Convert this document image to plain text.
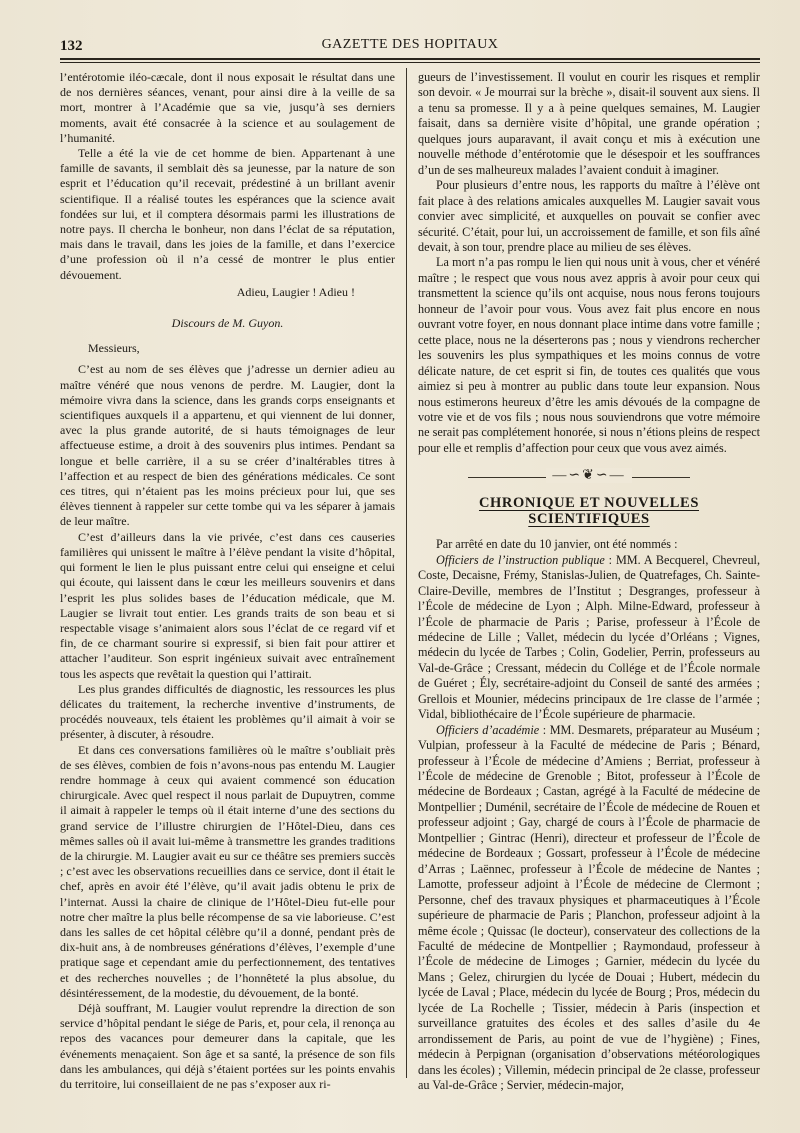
132	GAZETTE DES HOPITAUX

l’entérotomie iléo-cæcale, dont il nous exposait le résultat dans une de nos dernières séances, venant, pour ainsi dire à la veille de sa mort, montrer à l’Académie que sa vie, jusqu’à ses derniers moments, avait été consacrée à la science et au soulagement de l’humanité.

Telle a été la vie de cet homme de bien. Appartenant à une famille de savants, il semblait dès sa jeunesse, par la nature de son esprit et l’éducation qu’il recevait, prédestiné à un brillant avenir scientifique. Il a réalisé toutes les espérances que la science avait fondées sur lui, et il comptera désormais parmi les illustrations de notre pays. Il chercha le bonheur, non dans l’éclat de sa réputation, mais dans le travail, dans les joies de la famille, et dans l’exercice d’une profession où il n’a cessé de montrer le plus entier dévouement.

Adieu, Laugier ! Adieu !

Discours de M. Guyon.

Messieurs,

C’est au nom de ses élèves que j’adresse un dernier adieu au maître vénéré que nous venons de perdre. M. Laugier, dont la mémoire vivra dans la science, dans les grands corps enseignants et scientifiques auxquels il a appartenu, et qui viennent de lui donner, avec la plus grande autorité, de si hauts témoignages de leur affectueuse estime, a droit à des souvenirs plus intimes. Pendant sa longue et belle carrière, il a su se créer d’inaltérables titres à l’affection et au respect de bien des générations médicales. Ce sont ces titres, qui n’étaient pas les moins précieux pour lui, que ses élèves tiennent à rappeler sur cette tombe qui va les séparer à jamais de leur maître.

C’est d’ailleurs dans la vie privée, c’est dans ces causeries familières qui unissent le maître à l’élève pendant la visite d’hôpital, qui forment le lien le plus puissant entre celui qui enseigne et celui qui écoute, qui laissent dans le cœur les meilleurs souvenirs et dans l’esprit les plus solides bases de l’éducation médicale, que M. Laugier se livrait tout entier. Les grands traits de son beau et si respectable visage s’animaient alors sous l’éclat de ce regard vif et fin, de ce charmant sourire si expressif, si bien fait pour attirer et attacher l’auditeur. Son esprit ingénieux suivait avec entraînement tous les aspects que revêtait la question qui l’attirait.

Les plus grandes difficultés de diagnostic, les ressources les plus délicates du traitement, la recherche inventive d’instruments, de procédés nouveaux, tels étaient les problèmes qu’il aimait à voir se présenter, à discuter, à résoudre.

Et dans ces conversations familières où le maître s’oubliait près de ses élèves, combien de fois n’avons-nous pas entendu M. Laugier rendre hommage à ceux qui avaient commencé son éducation chirurgicale. Avec quel respect il nous parlait de Dupuytren, comme il aimait à rappeler le temps où il était interne d’une des sections du grand service de l’illustre chirurgien de l’Hôtel-Dieu, dans ces mêmes salles où il avait lui-même à transmettre les grandes traditions de la chirurgie. M. Laugier avait eu sur ce théâtre ses premiers succès ; c’est avec les observations recueillies dans ce service, dont il était le chef, après en avoir été l’élève, qu’il avait jadis obtenu le prix de l’internat. Aussi la chaire de clinique de l’Hôtel-Dieu fut-elle pour notre cher maître la plus belle récompense de sa vie laborieuse. C’est dans les salles de cet hôpital célèbre qu’il a donné, pendant près de dix-huit ans, à de nombreuses générations d’élèves, l’exemple d’une pratique sage et cependant amie du perfectionnement, des tentatives et des recherches nouvelles ; de l’honnêteté la plus absolue, du désintéressement, de la modestie, du dévouement, de la bonté.

Déjà souffrant, M. Laugier voulut reprendre la direction de son service d’hôpital pendant le siége de Paris, et, pour cela, il renonça au repos des vacances pour demeurer dans la capitale, que les événements menaçaient. Son âge et sa santé, la présence de son fils dans les ambulances, qui déjà s’étaient portées sur les points envahis du territoire, lui conseillaient de ne pas s’exposer aux ri-

gueurs de l’investissement. Il voulut en courir les risques et remplir son devoir. « Je mourrai sur la brèche », disait-il souvent aux siens. Il a tenu sa promesse. Il y a à peine quelques semaines, M. Laugier faisait, dans sa dernière visite d’hôpital, une grande opération ; quelques jours auparavant, il avait conçu et mis à exécution une nouvelle méthode d’entérotomie que le désespoir et les souffrances d’un de ses malheureux malades l’avaient conduit à imaginer.

Pour plusieurs d’entre nous, les rapports du maître à l’élève ont fait place à des relations amicales auxquelles M. Laugier savait vous convier avec simplicité, et auxquelles on pouvait se confier avec sécurité. C’était, pour lui, un accroissement de famille, et son fils aîné devait, à son tour, prendre place au milieu de ses élèves.

La mort n’a pas rompu le lien qui nous unit à vous, cher et vénéré maître ; le respect que vous nous avez appris à avoir pour ceux qui transmettent la science qu’ils ont acquise, nous nous ferons toujours honneur de l’avoir pour vous. Vous avez fait plus encore en nous ouvrant votre foyer, en nous donnant place intime dans votre famille ; cette place, nous ne la déserterons pas ; nous y viendrons rechercher les souvenirs les plus sympathiques et les moins connus de votre délicate nature, de cet esprit si fin, de toutes ces qualités que vous aimiez si peu à montrer au public dans toute leur expansion. Nous nous estimerons heureux d’être les amis dévoués de la compagne de votre vie et de vos fils ; nous nous souviendrons que votre mémoire ne serait pas complétement honorée, si nous n’étions pleins de respect pour elle et remplis d’affection pour ceux que vous avez aimés.

—∽❦∽—

CHRONIQUE ET NOUVELLES SCIENTIFIQUES

Par arrêté en date du 10 janvier, ont été nommés :

Officiers de l’instruction publique : MM. A Becquerel, Chevreul, Coste, Decaisne, Frémy, Stanislas-Julien, de Quatrefages, Ch. Sainte-Claire-Deville, membres de l’Institut ; Desgranges, professeur à l’École de médecine de Lyon ; Alph. Milne-Edward, professeur à l’École de pharmacie de Paris ; Parise, professeur à l’École de médecine de Lille ; Vallet, médecin du lycée d’Orléans ; Vignes, médecin du lycée de Tarbes ; Colin, Godelier, Perrin, professeurs au Val-de-Grâce ; Cressant, médecin du Collége et de l’École normale de Guéret ; Ély, secrétaire-adjoint du Conseil de santé des armées ; Grellois et Mounier, médecins principaux de 1re classe de l’armée ; Vidal, bibliothécaire de l’École supérieure de pharmacie.

Officiers d’académie : MM. Desmarets, préparateur au Muséum ; Vulpian, professeur à la Faculté de médecine de Paris ; Bénard, professeur à l’École de médecine d’Amiens ; Berriat, professeur à l’École de médecine de Grenoble ; Bitot, professeur à l’École de médecine de Bordeaux ; Castan, agrégé à la Faculté de médecine de Montpellier ; Duménil, secrétaire de l’École de médecine de Rouen et professeur adjoint ; Gay, chargé de cours à l’École de pharmacie de Montpellier ; Gintrac (Henri), directeur et professeur de l’École de médecine de Bordeaux ; Gossart, professeur à l’École de médecine d’Arras ; Laënnec, professeur à l’École de médecine de Nantes ; Lamotte, professeur adjoint à l’École de médecine de Clermont ; Personne, chef des travaux physiques et pharmaceutiques à l’École supérieure de pharmacie de Paris ; Planchon, professeur adjoint à la même école ; Quissac (le docteur), conservateur des collections de la Faculté de médecine de Montpellier ; Raymondaud, professeur à l’École de médecine de Limoges ; Garnier, médecin du lycée du Mans ; Gelez, chirurgien du lycée de Douai ; Hubert, médecin du lycée de Laval ; Place, médecin du lycée de Bourg ; Pros, médecin du lycée de La Rochelle ; Tissier, médecin à Paris (inspection et surveillance gratuites des écoles et des salles d’asile du 4e arrondissement de Paris, au point de vue de l’hygiène) ; Fines, médecin à Perpignan (organisation d’observations météorologiques dans les écoles) ; Villemin, médecin principal de 2e classe, professeur au Val-de-Grâce ; Servier, médecin-major,
